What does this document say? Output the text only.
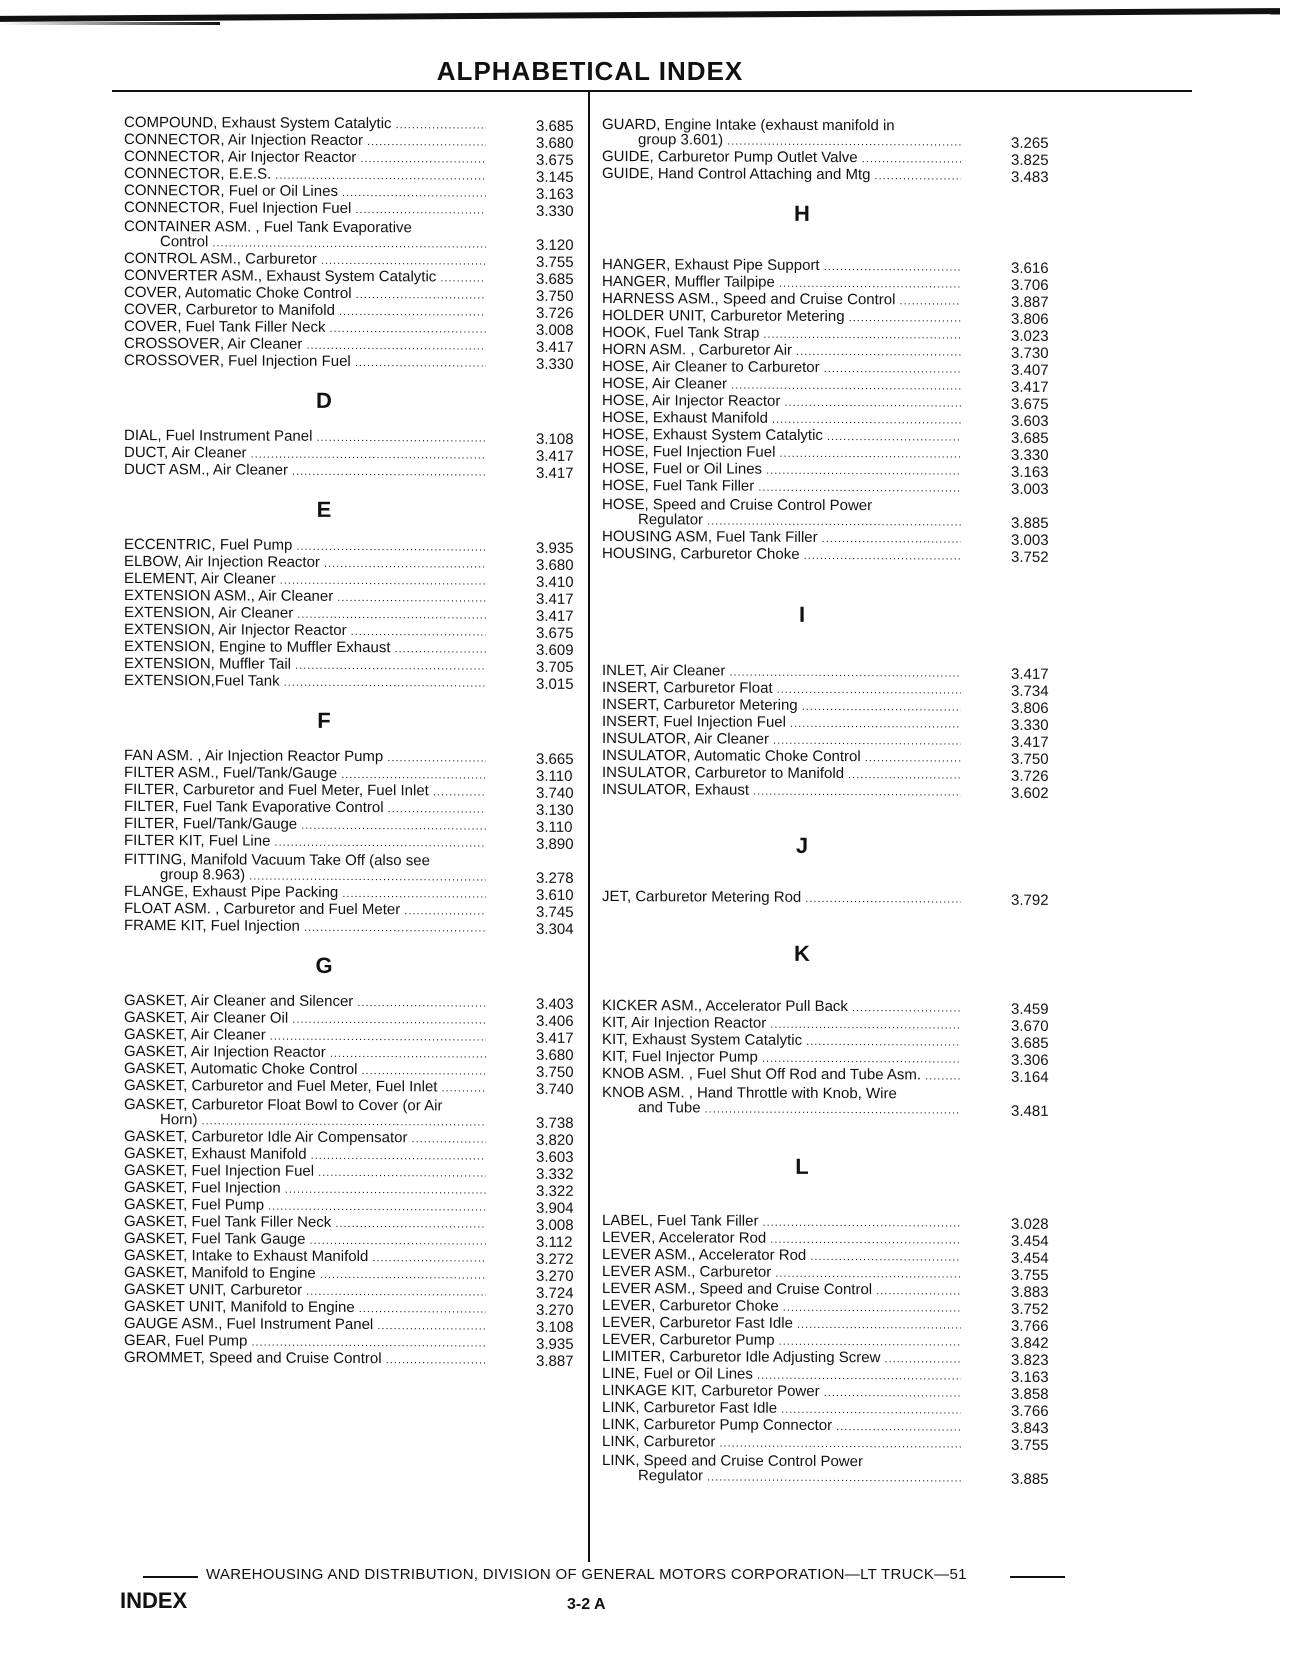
ALPHABETICAL INDEX
COMPOUND, Exhaust System Catalytic .....	3.685
CONNECTOR, Air Injection Reactor .....	3.680
CONNECTOR, Air Injector Reactor .....	3.675
CONNECTOR, E.E.S. .....	3.145
CONNECTOR, Fuel or Oil Lines .....	3.163
CONNECTOR, Fuel Injection Fuel .....	3.330
CONTAINER ASM. , Fuel Tank Evaporative
Control .....	3.120
CONTROL ASM., Carburetor .....	3.755
CONVERTER ASM., Exhaust System Catalytic .....	3.685
COVER, Automatic Choke Control .....	3.750
COVER, Carburetor to Manifold .....	3.726
COVER, Fuel Tank Filler Neck .....	3.008
CROSSOVER, Air Cleaner .....	3.417
CROSSOVER, Fuel Injection Fuel .....	3.330
D
DIAL, Fuel Instrument Panel .....	3.108
DUCT, Air Cleaner .....	3.417
DUCT ASM., Air Cleaner .....	3.417
E
ECCENTRIC, Fuel Pump .....	3.935
ELBOW, Air Injection Reactor .....	3.680
ELEMENT, Air Cleaner .....	3.410
EXTENSION ASM., Air Cleaner .....	3.417
EXTENSION, Air Cleaner .....	3.417
EXTENSION, Air Injector Reactor .....	3.675
EXTENSION, Engine to Muffler Exhaust .....	3.609
EXTENSION, Muffler Tail .....	3.705
EXTENSION,Fuel Tank .....	3.015
F
FAN ASM. , Air Injection Reactor Pump .....	3.665
FILTER ASM., Fuel/Tank/Gauge .....	3.110
FILTER, Carburetor and Fuel Meter, Fuel Inlet .....	3.740
FILTER, Fuel Tank Evaporative Control .....	3.130
FILTER, Fuel/Tank/Gauge .....	3.110
FILTER KIT, Fuel Line .....	3.890
FITTING, Manifold Vacuum Take Off (also see
group 8.963) .....	3.278
FLANGE, Exhaust Pipe Packing .....	3.610
FLOAT ASM. , Carburetor and Fuel Meter .....	3.745
FRAME KIT, Fuel Injection .....	3.304
G
GASKET, Air Cleaner and Silencer .....	3.403
GASKET, Air Cleaner Oil .....	3.406
GASKET, Air Cleaner .....	3.417
GASKET, Air Injection Reactor .....	3.680
GASKET, Automatic Choke Control .....	3.750
GASKET, Carburetor and Fuel Meter, Fuel Inlet .....	3.740
GASKET, Carburetor Float Bowl to Cover (or Air
Horn) .....	3.738
GASKET, Carburetor Idle Air Compensator .....	3.820
GASKET, Exhaust Manifold .....	3.603
GASKET, Fuel Injection Fuel .....	3.332
GASKET, Fuel Injection .....	3.322
GASKET, Fuel Pump .....	3.904
GASKET, Fuel Tank Filler Neck .....	3.008
GASKET, Fuel Tank Gauge .....	3.112
GASKET, Intake to Exhaust Manifold .....	3.272
GASKET, Manifold to Engine .....	3.270
GASKET UNIT, Carburetor .....	3.724
GASKET UNIT, Manifold to Engine .....	3.270
GAUGE ASM., Fuel Instrument Panel .....	3.108
GEAR, Fuel Pump .....	3.935
GROMMET, Speed and Cruise Control .....	3.887
GUARD, Engine Intake (exhaust manifold in
group 3.601) .....	3.265
GUIDE, Carburetor Pump Outlet Valve .....	3.825
GUIDE, Hand Control Attaching and Mtg .....	3.483
H
HANGER, Exhaust Pipe Support .....	3.616
HANGER, Muffler Tailpipe .....	3.706
HARNESS ASM., Speed and Cruise Control .....	3.887
HOLDER UNIT, Carburetor Metering .....	3.806
HOOK, Fuel Tank Strap .....	3.023
HORN ASM. , Carburetor Air .....	3.730
HOSE, Air Cleaner to Carburetor .....	3.407
HOSE, Air Cleaner .....	3.417
HOSE, Air Injector Reactor .....	3.675
HOSE, Exhaust Manifold .....	3.603
HOSE, Exhaust System Catalytic .....	3.685
HOSE, Fuel Injection Fuel .....	3.330
HOSE, Fuel or Oil Lines .....	3.163
HOSE, Fuel Tank Filler .....	3.003
HOSE, Speed and Cruise Control Power
Regulator .....	3.885
HOUSING ASM, Fuel Tank Filler .....	3.003
HOUSING, Carburetor Choke .....	3.752
I
INLET, Air Cleaner .....	3.417
INSERT, Carburetor Float .....	3.734
INSERT, Carburetor Metering .....	3.806
INSERT, Fuel Injection Fuel .....	3.330
INSULATOR, Air Cleaner .....	3.417
INSULATOR, Automatic Choke Control .....	3.750
INSULATOR, Carburetor to Manifold .....	3.726
INSULATOR, Exhaust .....	3.602
J
JET, Carburetor Metering Rod .....	3.792
K
KICKER ASM., Accelerator Pull Back .....	3.459
KIT, Air Injection Reactor .....	3.670
KIT, Exhaust System Catalytic .....	3.685
KIT, Fuel Injector Pump .....	3.306
KNOB ASM. , Fuel Shut Off Rod and Tube Asm. .....	3.164
KNOB ASM. , Hand Throttle with Knob, Wire
and Tube .....	3.481
L
LABEL, Fuel Tank Filler .....	3.028
LEVER, Accelerator Rod .....	3.454
LEVER ASM., Accelerator Rod .....	3.454
LEVER ASM., Carburetor .....	3.755
LEVER ASM., Speed and Cruise Control .....	3.883
LEVER, Carburetor Choke .....	3.752
LEVER, Carburetor Fast Idle .....	3.766
LEVER, Carburetor Pump .....	3.842
LIMITER, Carburetor Idle Adjusting Screw .....	3.823
LINE, Fuel or Oil Lines .....	3.163
LINKAGE KIT, Carburetor Power .....	3.858
LINK, Carburetor Fast Idle .....	3.766
LINK, Carburetor Pump Connector .....	3.843
LINK, Carburetor .....	3.755
LINK, Speed and Cruise Control Power
Regulator .....	3.885
WAREHOUSING AND DISTRIBUTION, DIVISION OF GENERAL MOTORS CORPORATION—LT TRUCK—51
INDEX	3-2 A
